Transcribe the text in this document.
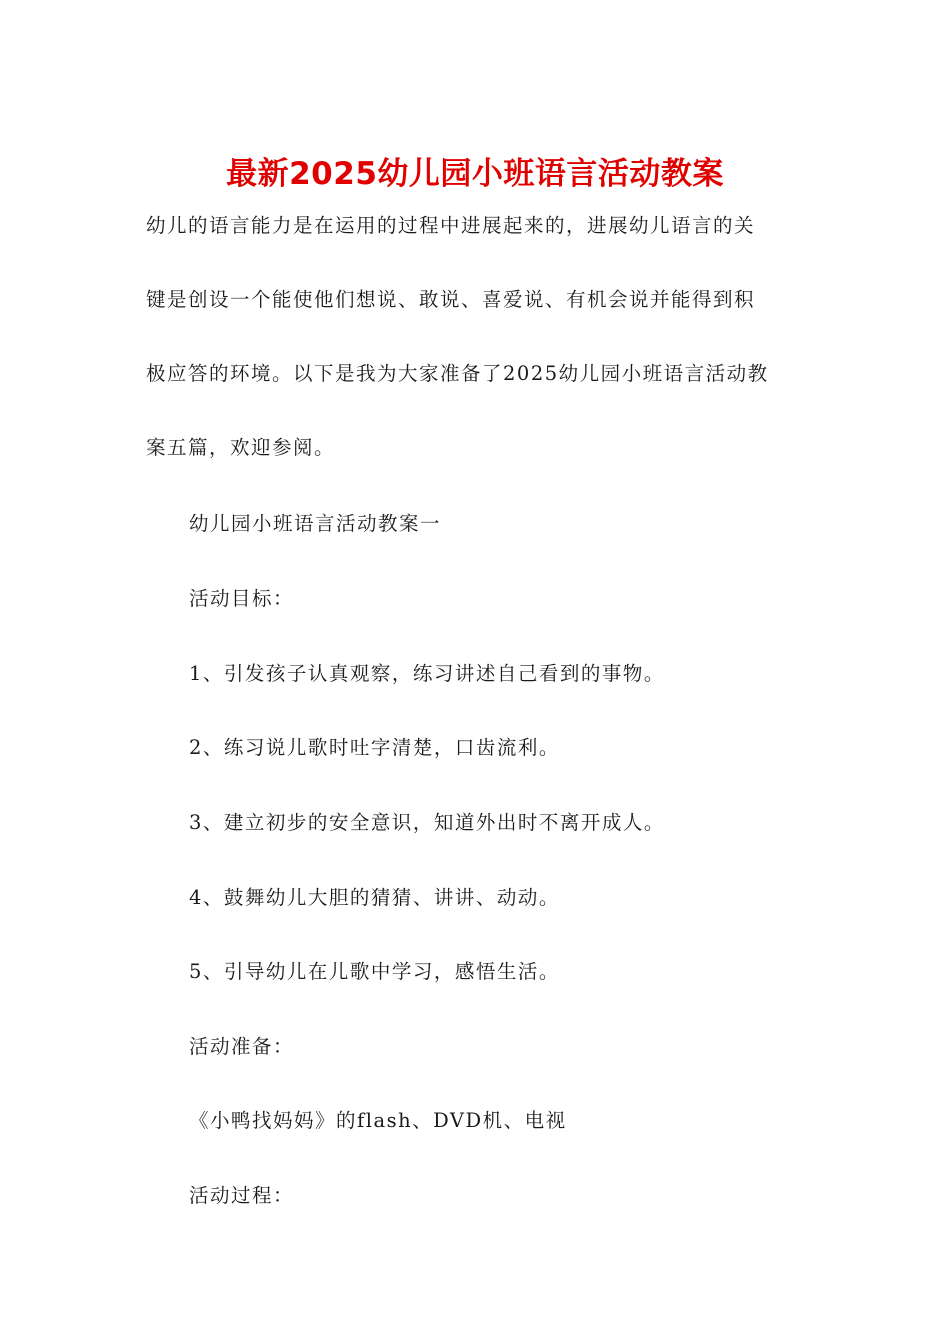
最新2025幼儿园小班语言活动教案
幼儿的语言能力是在运用的过程中进展起来的，进展幼儿语言的关
键是创设一个能使他们想说、敢说、喜爱说、有机会说并能得到积
极应答的环境。以下是我为大家准备了2025幼儿园小班语言活动教
案五篇，欢迎参阅。
幼儿园小班语言活动教案一
活动目标：
1、引发孩子认真观察，练习讲述自己看到的事物。
2、练习说儿歌时吐字清楚，口齿流利。
3、建立初步的安全意识，知道外出时不离开成人。
4、鼓舞幼儿大胆的猜猜、讲讲、动动。
5、引导幼儿在儿歌中学习，感悟生活。
活动准备：
《小鸭找妈妈》的flash、DVD机、电视
活动过程：
